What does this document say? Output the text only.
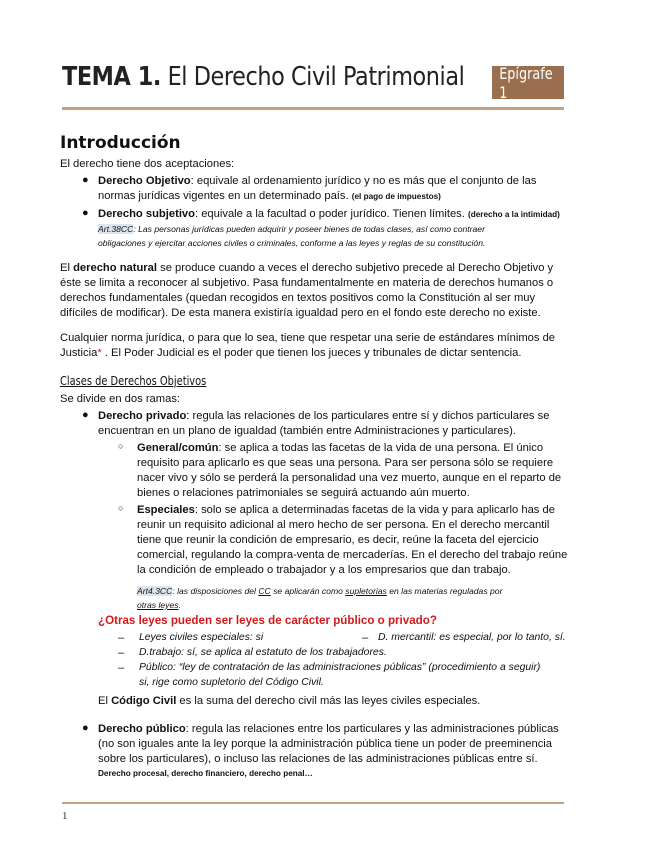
TEMA 1. El Derecho Civil Patrimonial Epígrafe 1
Introducción
El derecho tiene dos aceptaciones:
● Derecho Objetivo: equivale al ordenamiento jurídico y no es más que el conjunto de las
normas jurídicas vigentes en un determinado país. (el pago de impuestos)
● Derecho subjetivo: equivale a la facultad o poder jurídico. Tienen límites. (derecho a la intimidad)
Art.38CC: Las personas jurídicas pueden adquirir y poseer bienes de todas clases, así como contraer
obligaciones y ejercitar acciones civiles o criminales, conforme a las leyes y reglas de su constitución.
El derecho natural se produce cuando a veces el derecho subjetivo precede al Derecho Objetivo y
éste se limita a reconocer al subjetivo. Pasa fundamentalmente en materia de derechos humanos o
derechos fundamentales (quedan recogidos en textos positivos como la Constitución al ser muy
difíciles de modificar). De esta manera existiría igualdad pero en el fondo este derecho no existe.
Cualquier norma jurídica, o para que lo sea, tiene que respetar una serie de estándares mínimos de
Justicia* . El Poder Judicial es el poder que tienen los jueces y tribunales de dictar sentencia.
Clases de Derechos Objetivos
Se divide en dos ramas:
● Derecho privado: regula las relaciones de los particulares entre sí y dichos particulares se
encuentran en un plano de igualdad (también entre Administraciones y particulares).
○ General/común: se aplica a todas las facetas de la vida de una persona. El único
requisito para aplicarlo es que seas una persona. Para ser persona sólo se requiere
nacer vivo y sólo se perderá la personalidad una vez muerto, aunque en el reparto de
bienes o relaciones patrimoniales se seguirá actuando aún muerto.
○ Especiales: solo se aplica a determinadas facetas de la vida y para aplicarlo has de
reunir un requisito adicional al mero hecho de ser persona. En el derecho mercantil
tiene que reunir la condición de empresario, es decir, reúne la faceta del ejercicio
comercial, regulando la compra-venta de mercaderías. En el derecho del trabajo reúne
la condición de empleado o trabajador y a los empresarios que dan trabajo.
Art4.3CC: las disposiciones del CC se aplicarán como supletorias en las materias reguladas por
otras leyes.
¿Otras leyes pueden ser leyes de carácter público o privado?
– Leyes civiles especiales: si	– D. mercantil: es especial, por lo tanto, sí.
– D.trabajo: sí, se aplica al estatuto de los trabajadores.
– Público: “ley de contratación de las administraciones públicas” (procedimiento a seguir)
si, rige como supletorio del Código Civil.
El Código Civil es la suma del derecho civil más las leyes civiles especiales.
● Derecho público: regula las relaciones entre los particulares y las administraciones públicas
(no son iguales ante la ley porque la administración pública tiene un poder de preeminencia
sobre los particulares), o incluso las relaciones de las administraciones públicas entre sí.
Derecho procesal, derecho financiero, derecho penal…
1
